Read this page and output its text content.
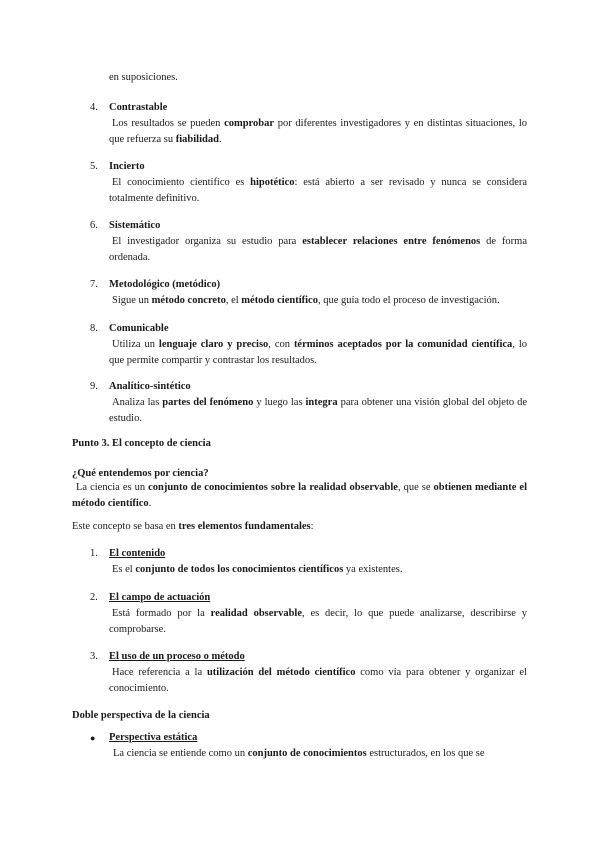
en suposiciones.
4.	Contrastable
Los resultados se pueden comprobar por diferentes investigadores y en distintas situaciones, lo que refuerza su fiabilidad.
5.	Incierto
El conocimiento científico es hipotético: está abierto a ser revisado y nunca se considera totalmente definitivo.
6.	Sistemático
El investigador organiza su estudio para establecer relaciones entre fenómenos de forma ordenada.
7.	Metodológico (metódico)
Sigue un método concreto, el método científico, que guía todo el proceso de investigación.
8.	Comunicable
Utiliza un lenguaje claro y preciso, con términos aceptados por la comunidad científica, lo que permite compartir y contrastar los resultados.
9.	Analítico-sintético
Analiza las partes del fenómeno y luego las integra para obtener una visión global del objeto de estudio.
Punto 3. El concepto de ciencia
¿Qué entendemos por ciencia?
La ciencia es un conjunto de conocimientos sobre la realidad observable, que se obtienen mediante el método científico.
Este concepto se basa en tres elementos fundamentales:
1.	El contenido
Es el conjunto de todos los conocimientos científicos ya existentes.
2.	El campo de actuación
Está formado por la realidad observable, es decir, lo que puede analizarse, describirse y comprobarse.
3.	El uso de un proceso o método
Hace referencia a la utilización del método científico como vía para obtener y organizar el conocimiento.
Doble perspectiva de la ciencia
●	Perspectiva estática
La ciencia se entiende como un conjunto de conocimientos estructurados, en los que se
